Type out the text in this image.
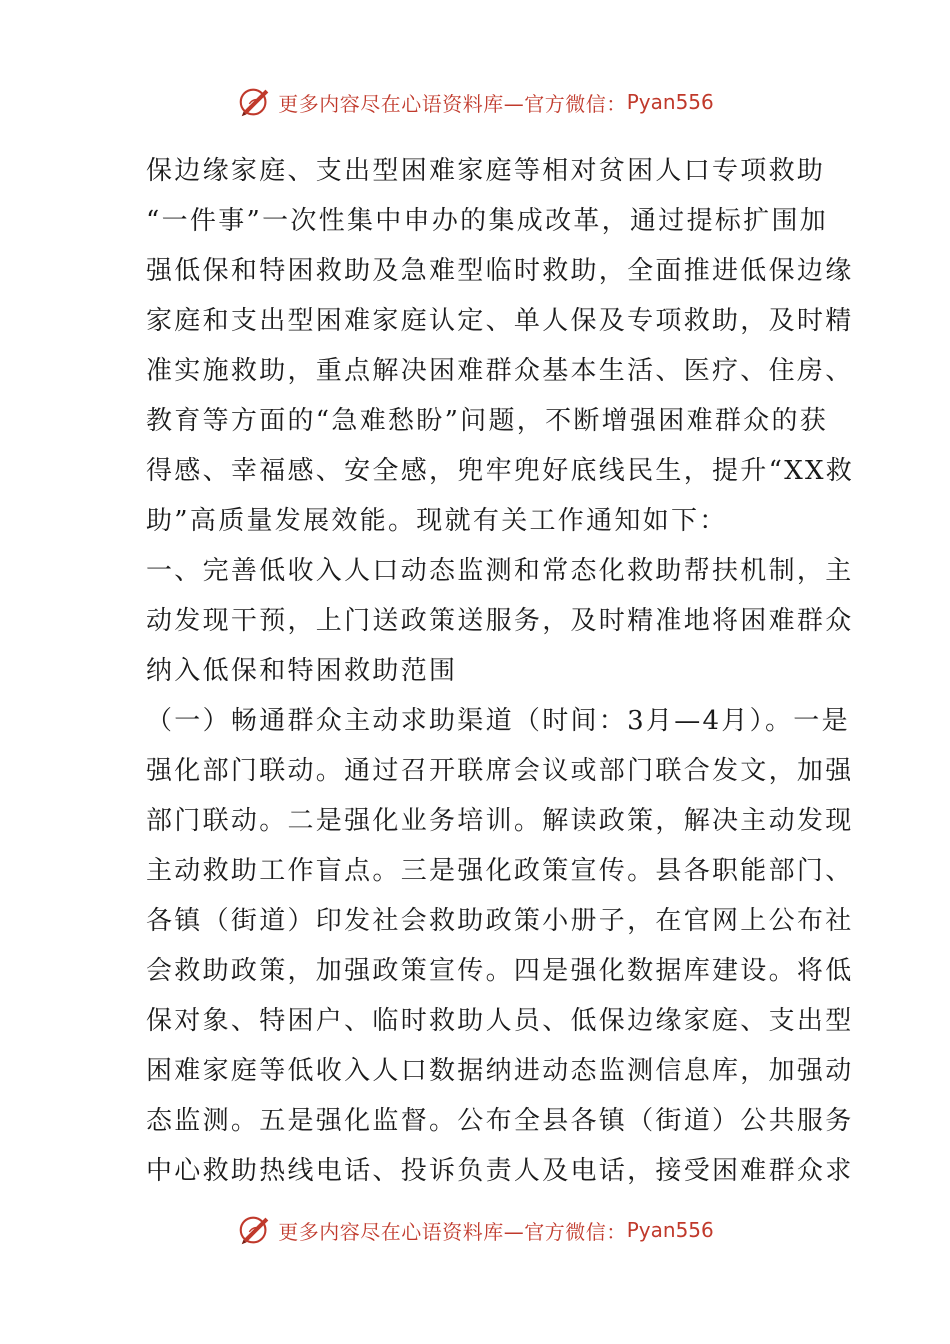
更多内容尽在心语资料库—官方微信： Pyan556
保边缘家庭、支出型困难家庭等相对贫困人口专项救助
“一件事”一次性集中申办的集成改革，通过提标扩围加
强低保和特困救助及急难型临时救助，全面推进低保边缘
家庭和支出型困难家庭认定、单人保及专项救助，及时精
准实施救助，重点解决困难群众基本生活、医疗、住房、
教育等方面的“急难愁盼”问题，不断增强困难群众的获
得感、幸福感、安全感，兜牢兜好底线民生，提升“XX救
助”高质量发展效能。现就有关工作通知如下：
一、完善低收入人口动态监测和常态化救助帮扶机制，主
动发现干预，上门送政策送服务，及时精准地将困难群众
纳入低保和特困救助范围
（一）畅通群众主动求助渠道（时间：3月—4月）。一是
强化部门联动。通过召开联席会议或部门联合发文，加强
部门联动。二是强化业务培训。解读政策，解决主动发现
主动救助工作盲点。三是强化政策宣传。县各职能部门、
各镇（街道）印发社会救助政策小册子，在官网上公布社
会救助政策，加强政策宣传。四是强化数据库建设。将低
保对象、特困户、临时救助人员、低保边缘家庭、支出型
困难家庭等低收入人口数据纳进动态监测信息库，加强动
态监测。五是强化监督。公布全县各镇（街道）公共服务
中心救助热线电话、投诉负责人及电话，接受困难群众求
更多内容尽在心语资料库—官方微信： Pyan556
